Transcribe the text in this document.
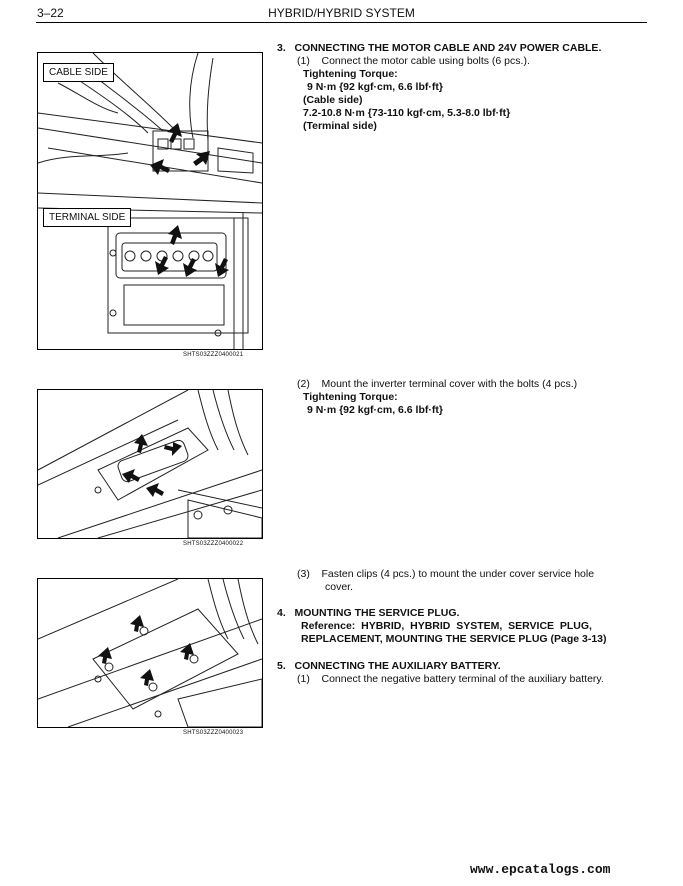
3–22	HYBRID/HYBRID SYSTEM
CABLE SIDE
TERMINAL SIDE
SHTS03ZZZ0400021
SHTS03ZZZ0400022
SHTS03ZZZ0400023
3.   CONNECTING THE MOTOR CABLE AND 24V POWER CABLE.
(1)    Connect the motor cable using bolts (6 pcs.).
Tightening Torque:
9 N·m {92 kgf·cm, 6.6 lbf·ft}
(Cable side)
7.2-10.8 N·m {73-110 kgf·cm, 5.3-8.0 lbf·ft}
(Terminal side)
(2)    Mount the inverter terminal cover with the bolts (4 pcs.)
Tightening Torque:
9 N·m {92 kgf·cm, 6.6 lbf·ft}
(3)    Fasten clips (4 pcs.) to mount the under cover service hole
cover.
4.   MOUNTING THE SERVICE PLUG.
Reference:  HYBRID,  HYBRID  SYSTEM,  SERVICE  PLUG,
REPLACEMENT, MOUNTING THE SERVICE PLUG (Page 3-13)
5.   CONNECTING THE AUXILIARY BATTERY.
(1)    Connect the negative battery terminal of the auxiliary battery.
www.epcatalogs.com
